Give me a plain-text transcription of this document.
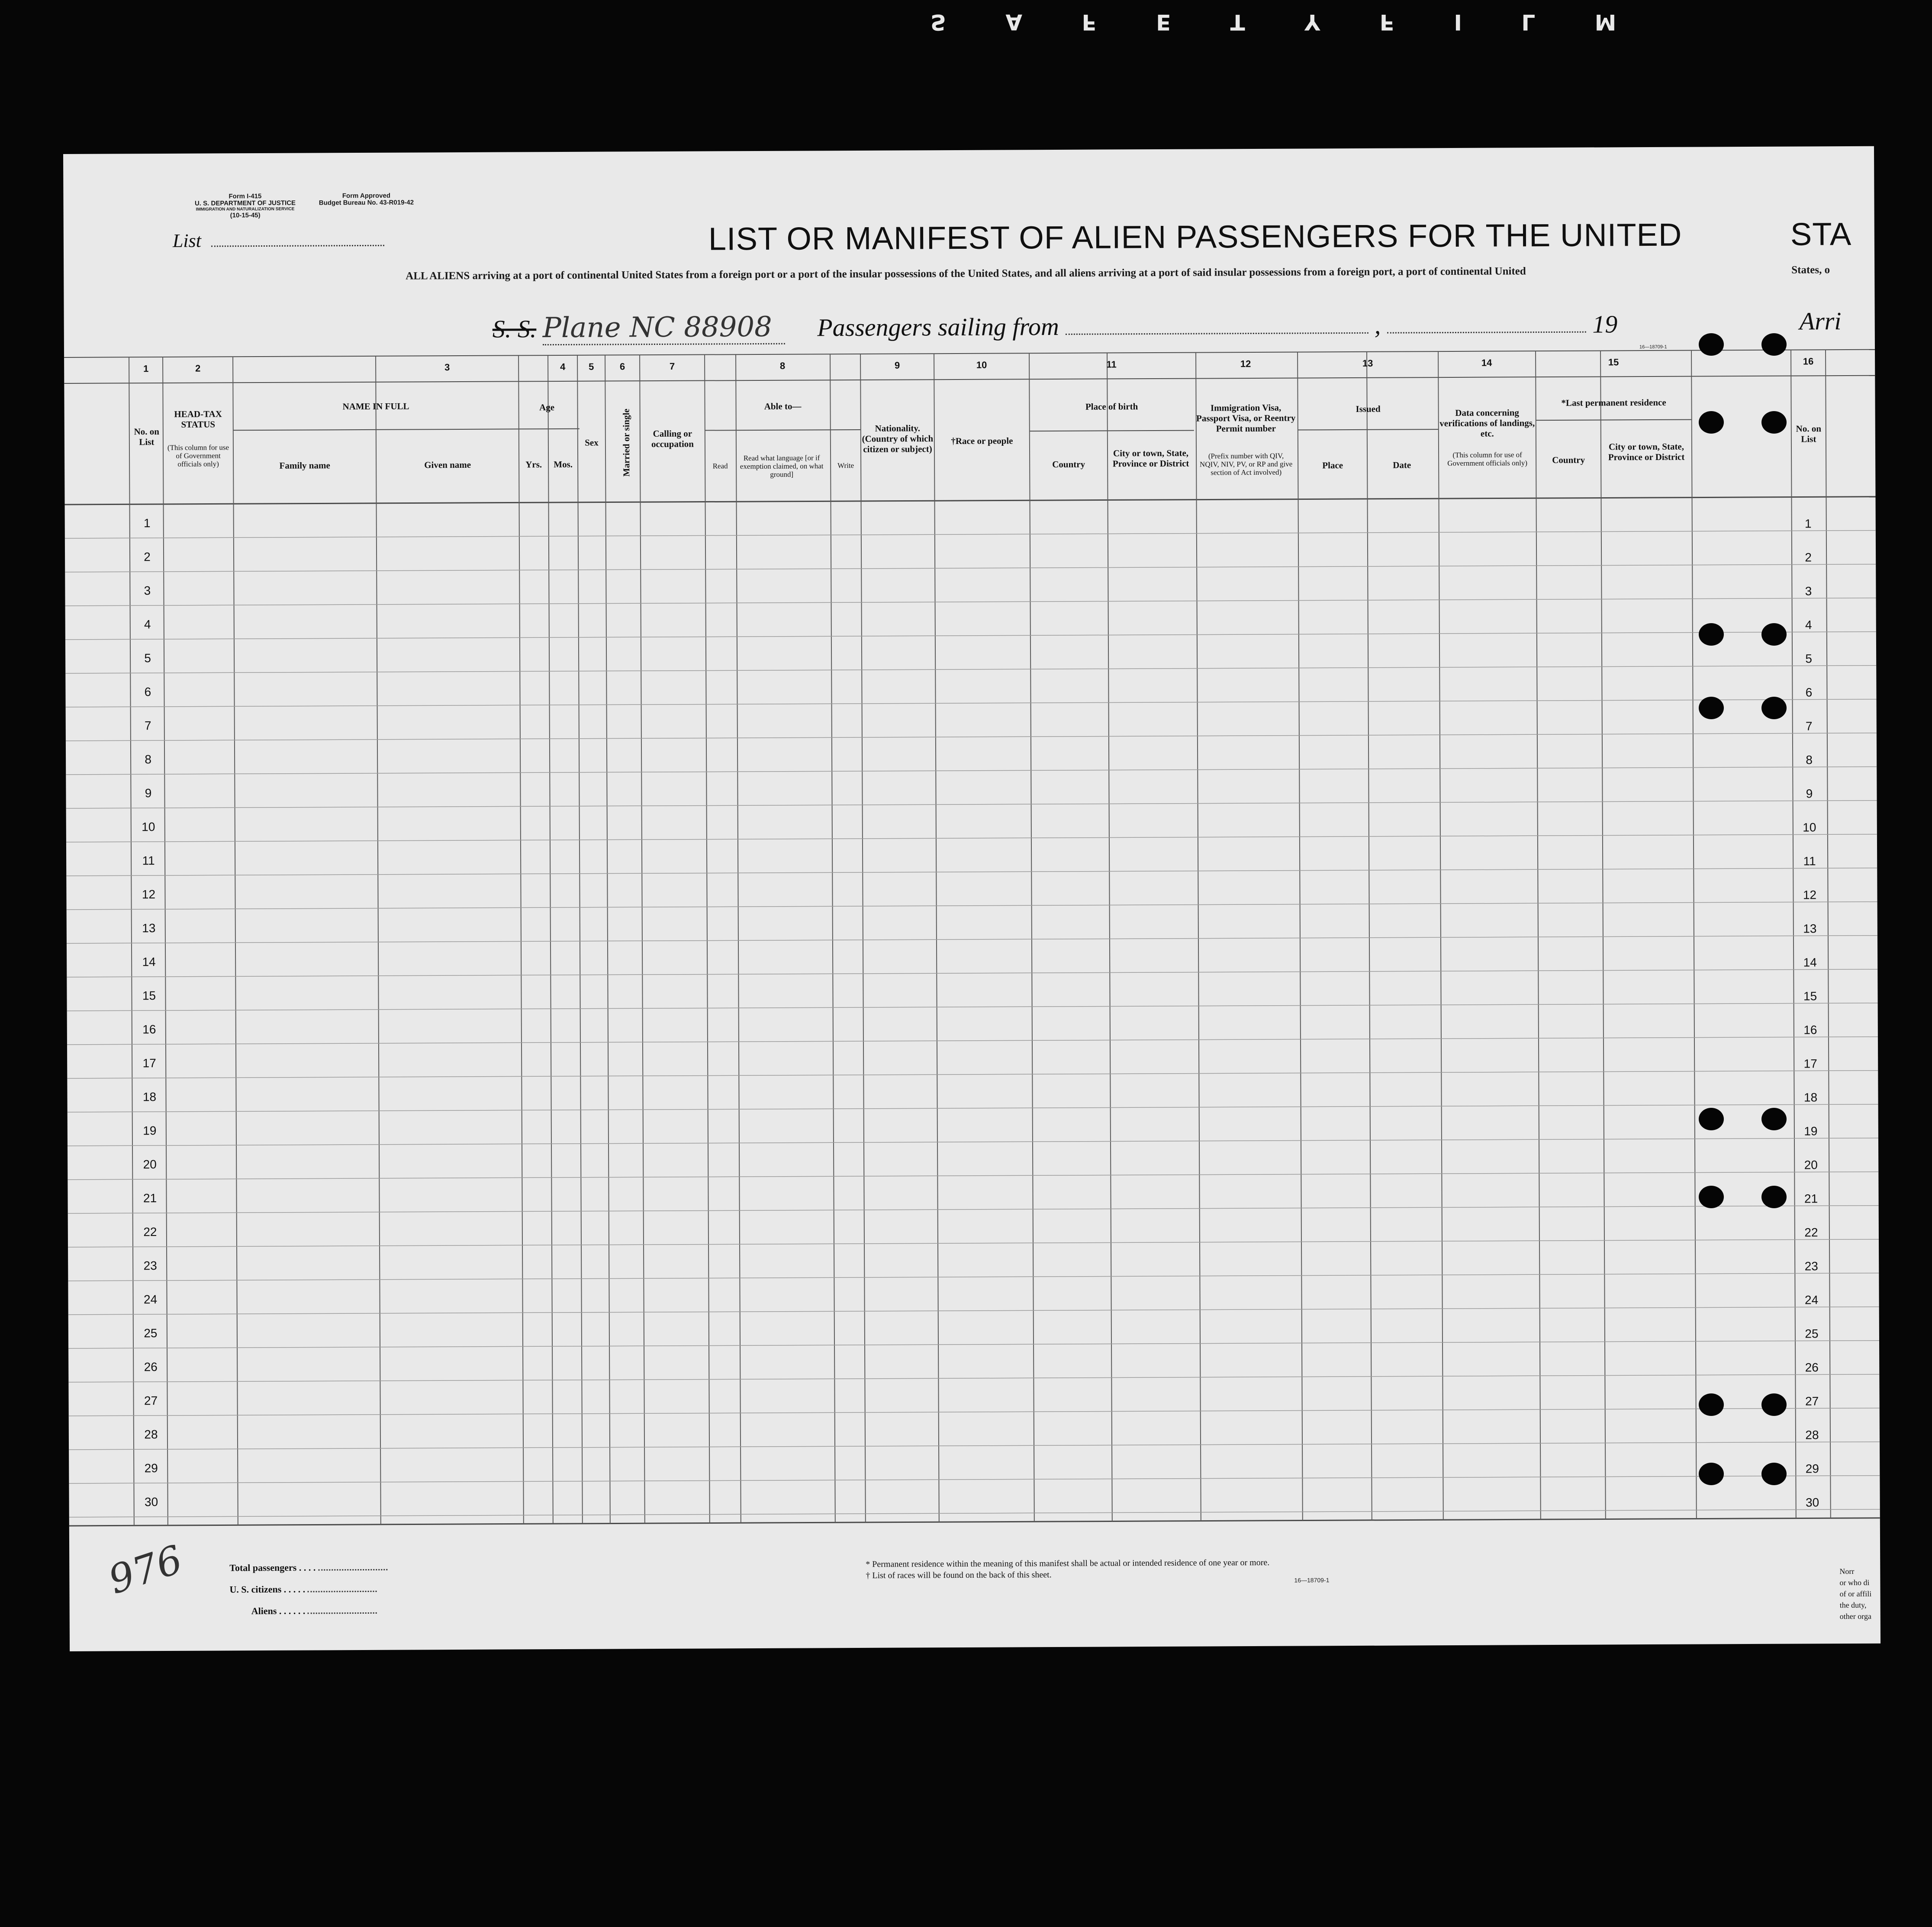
S A F E T Y F I L M
Form I-415
U. S. DEPARTMENT OF JUSTICE
IMMIGRATION AND NATURALIZATION SERVICE
(10-15-45)
Form Approved
Budget Bureau No. 43-R019-42
List	LIST OR MANIFEST OF ALIEN PASSENGERS FOR THE UNITED	STA
ALL ALIENS arriving at a port of continental United States from a foreign port or a port of the insular possessions of the United States, and all aliens arriving at a port of said insular possessions from a foreign port, a port of continental United	States, o
S. S. Plane NC 88908 Passengers sailing from	,	19	Arri
16—18709-1
1	2	3	4	5	6	7	8	9	10	11	12	13	14	15	16
No. on List
HEAD-TAX STATUS
(This column for use of Government officials only)
NAME IN FULL
Family name	Given name
Age
Yrs.	Mos.
Sex	Married or single	Calling or occupation
Able to—
Read
Read what language [or if exemption claimed, on what ground]
Write
Nationality. (Country of which citizen or subject)
†Race or people
Place of birth
Country
City or town, State, Province or District
Immigration Visa, Passport Visa, or Reentry Permit number
(Prefix number with QIV, NQIV, NIV, PV, or RP and give section of Act involved)
Issued
Place	Date
Data concerning verifications of landings, etc.
(This column for use of Government officials only)
*Last permanent residence
Country
City or town, State, Province or District
No. on List
1	1
2	2
3	3
4	4
5	5
6	6
7	7
8	8
9	9
10	10
11	11
12	12
13	13
14	14
15	15
16	16
17	17
18	18
19	19
20	20
21	21
22	22
23	23
24	24
25	25
26	26
27	27
28	28
29	29
30	30
976	Total passengers . . . .
U. S. citizens . . . . .
Aliens . . . . . .
* Permanent residence within the meaning of this manifest shall be actual or intended residence of one year or more.
† List of races will be found on the back of this sheet.	16—18709-1
Norr
or who di
of or affili
the duty,
other orga
